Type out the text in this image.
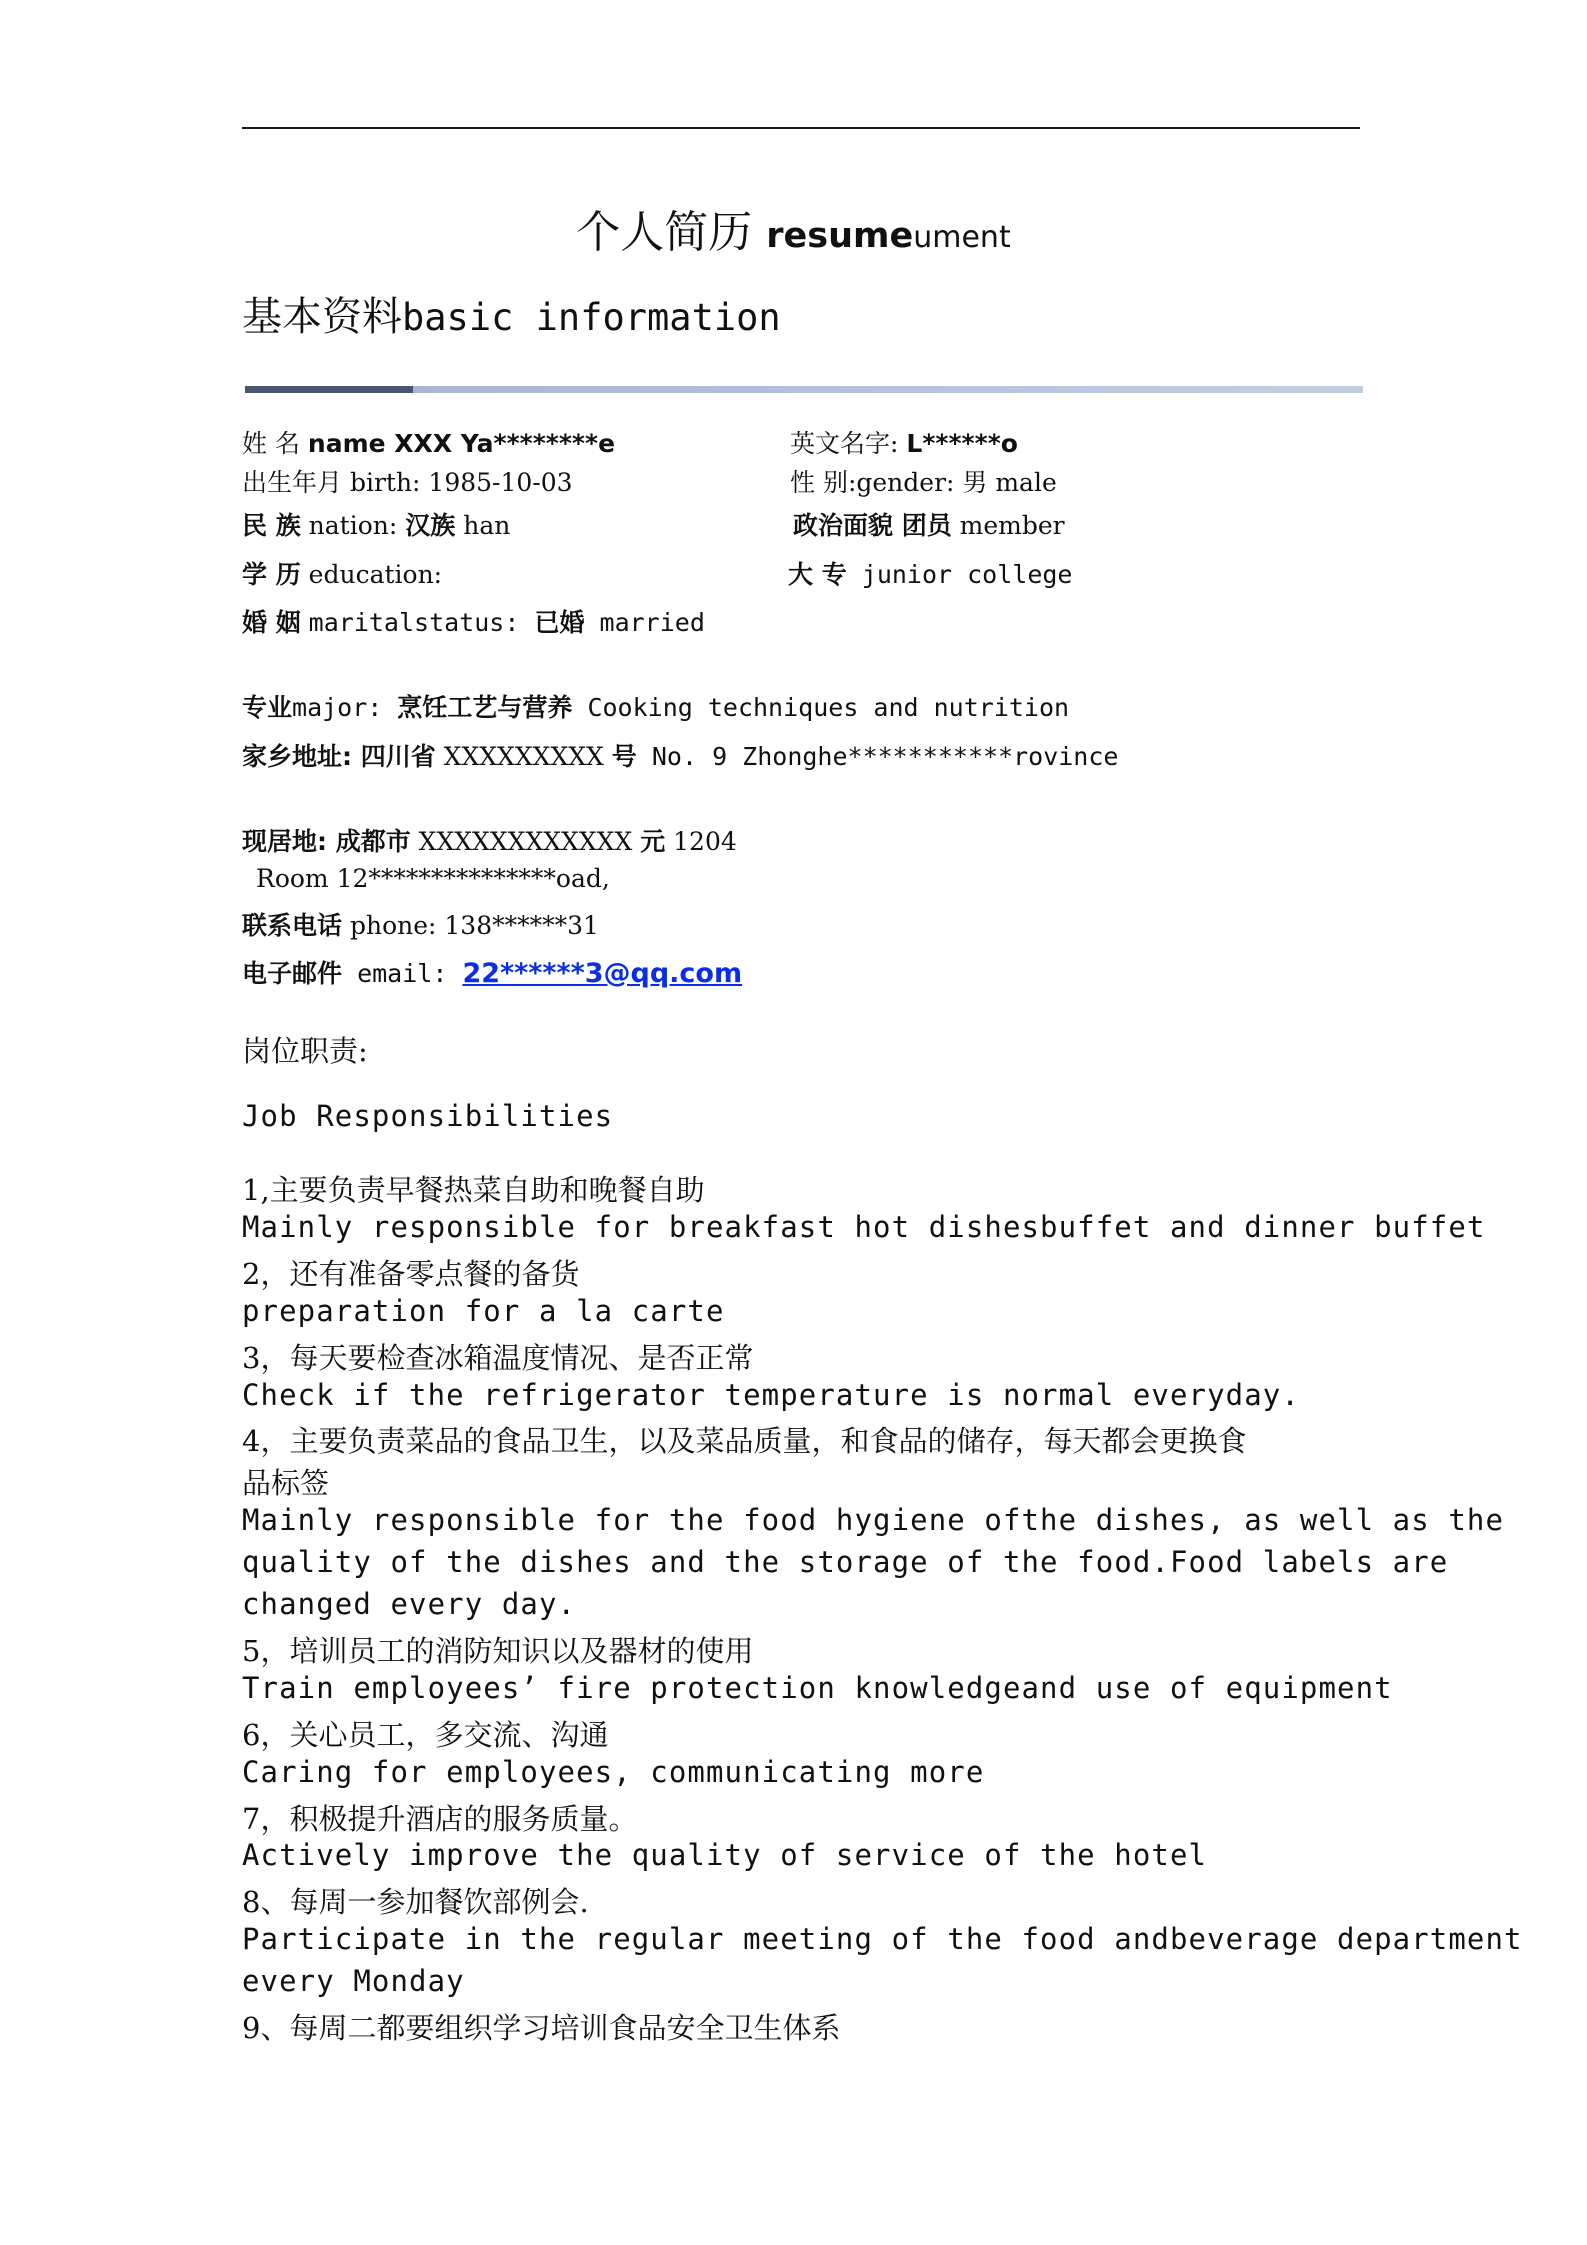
个人简历 resumeument
基本资料basic information
姓 名 name XXX Ya********e	英文名字: L******o
出生年月 birth: 1985-10-03	性 别:gender: 男 male
民 族 nation: 汉族 han	政治面貌 团员 member
学 历 education:	大 专 junior college
婚 姻 maritalstatus: 已婚 married
专业major: 烹饪工艺与营养 Cooking techniques and nutrition
家乡地址: 四川省 XXXXXXXXX 号 No. 9 Zhonghe***********rovince
现居地: 成都市 XXXXXXXXXXXX 元 1204
Room 12***************oad,
联系电话 phone: 138******31
电子邮件 email: 22******3@qq.com
岗位职责:
Job Responsibilities
1,主要负责早餐热菜自助和晚餐自助
Mainly responsible for breakfast hot dishesbuffet and dinner buffet
2，还有准备零点餐的备货
preparation for a la carte
3，每天要检查冰箱温度情况、是否正常
Check if the refrigerator temperature is normal everyday.
4，主要负责菜品的食品卫生，以及菜品质量，和食品的储存，每天都会更换食
品标签
Mainly responsible for the food hygiene ofthe dishes, as well as the
quality of the dishes and the storage of the food.Food labels are
changed every day.
5，培训员工的消防知识以及器材的使用
Train employees’ fire protection knowledgeand use of equipment
6，关心员工，多交流、沟通
Caring for employees, communicating more
7，积极提升酒店的服务质量。
Actively improve the quality of service of the hotel
8、每周一参加餐饮部例会.
Participate in the regular meeting of the food andbeverage department
every Monday
9、每周二都要组织学习培训食品安全卫生体系
